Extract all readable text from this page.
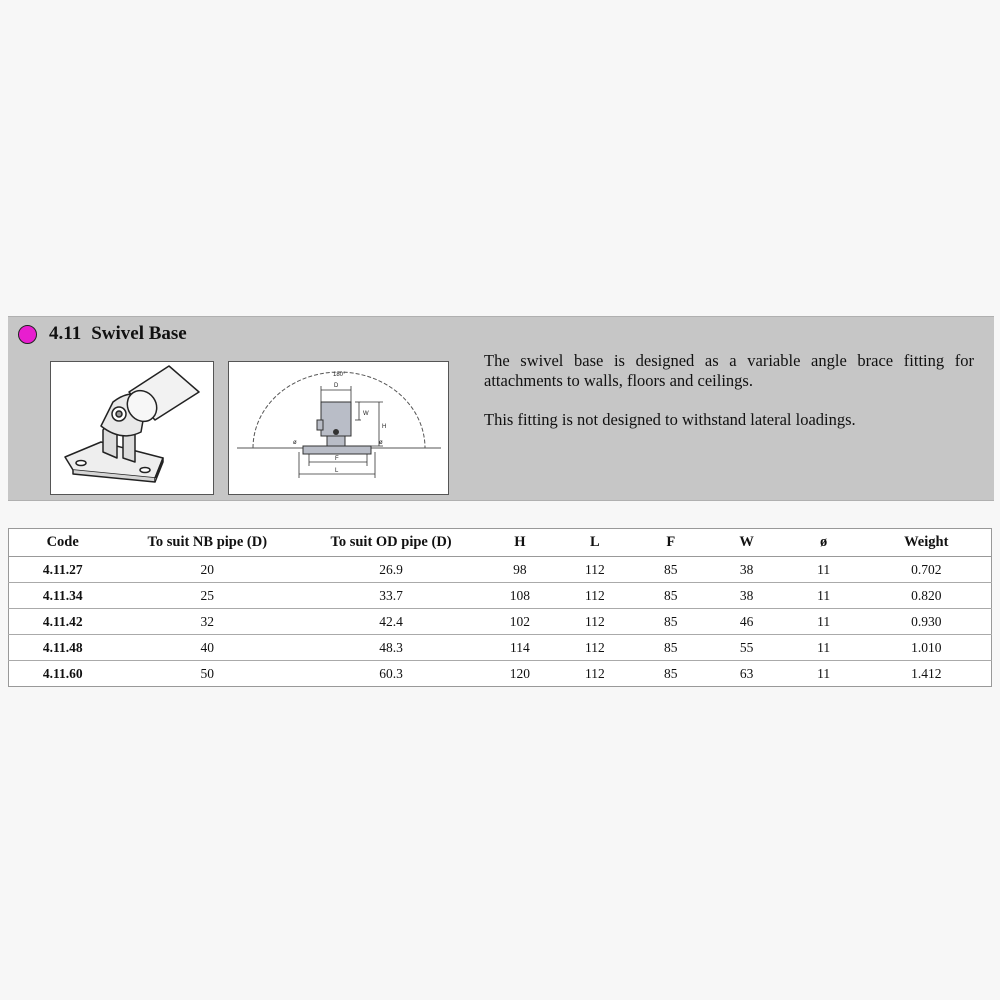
4.11 Swivel Base
180°
D
W
H
F
L
ø	ø

The swivel base is designed as a variable angle brace fitting for attachments to walls, floors and ceilings.

This fitting is not designed to withstand lateral loadings.

Code	To suit NB pipe (D)	To suit OD pipe (D)	H	L	F	W	ø	Weight
4.11.27	20	26.9	98	112	85	38	11	0.702
4.11.34	25	33.7	108	112	85	38	11	0.820
4.11.42	32	42.4	102	112	85	46	11	0.930
4.11.48	40	48.3	114	112	85	55	11	1.010
4.11.60	50	60.3	120	112	85	63	11	1.412
